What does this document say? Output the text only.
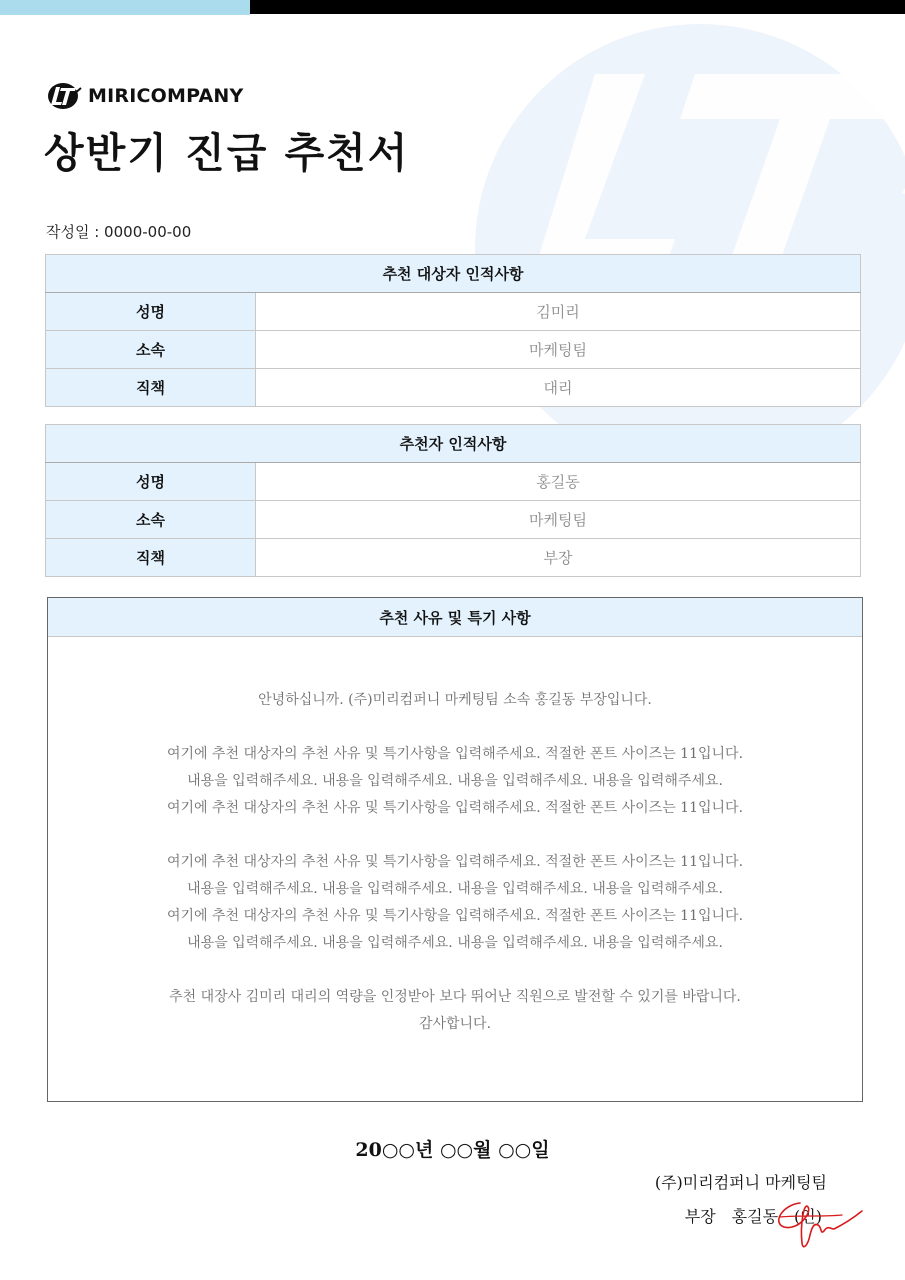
MIRICOMPANY
상반기 진급 추천서
작성일 : 0000-00-00
추천 대상자 인적사항	
성명	김미리
소속	마케팅팀
직책	대리
추천자 인적사항	
성명	홍길동
소속	마케팅팀
직책	부장
추천 사유 및 특기 사항
안녕하십니까. (주)미리컴퍼니 마케팅팀 소속 홍길동 부장입니다.
여기에 추천 대상자의 추천 사유 및 특기사항을 입력해주세요. 적절한 폰트 사이즈는 11입니다.
내용을 입력해주세요. 내용을 입력해주세요. 내용을 입력해주세요. 내용을 입력해주세요.
여기에 추천 대상자의 추천 사유 및 특기사항을 입력해주세요. 적절한 폰트 사이즈는 11입니다.
여기에 추천 대상자의 추천 사유 및 특기사항을 입력해주세요. 적절한 폰트 사이즈는 11입니다.
내용을 입력해주세요. 내용을 입력해주세요. 내용을 입력해주세요. 내용을 입력해주세요.
여기에 추천 대상자의 추천 사유 및 특기사항을 입력해주세요. 적절한 폰트 사이즈는 11입니다.
내용을 입력해주세요. 내용을 입력해주세요. 내용을 입력해주세요. 내용을 입력해주세요.
추천 대장사 김미리 대리의 역량을 인정받아 보다 뛰어난 직원으로 발전할 수 있기를 바랍니다.
감사합니다.
20○○년 ○○월 ○○일
(주)미리컴퍼니 마케팅팀
부장 홍길동 (인)
